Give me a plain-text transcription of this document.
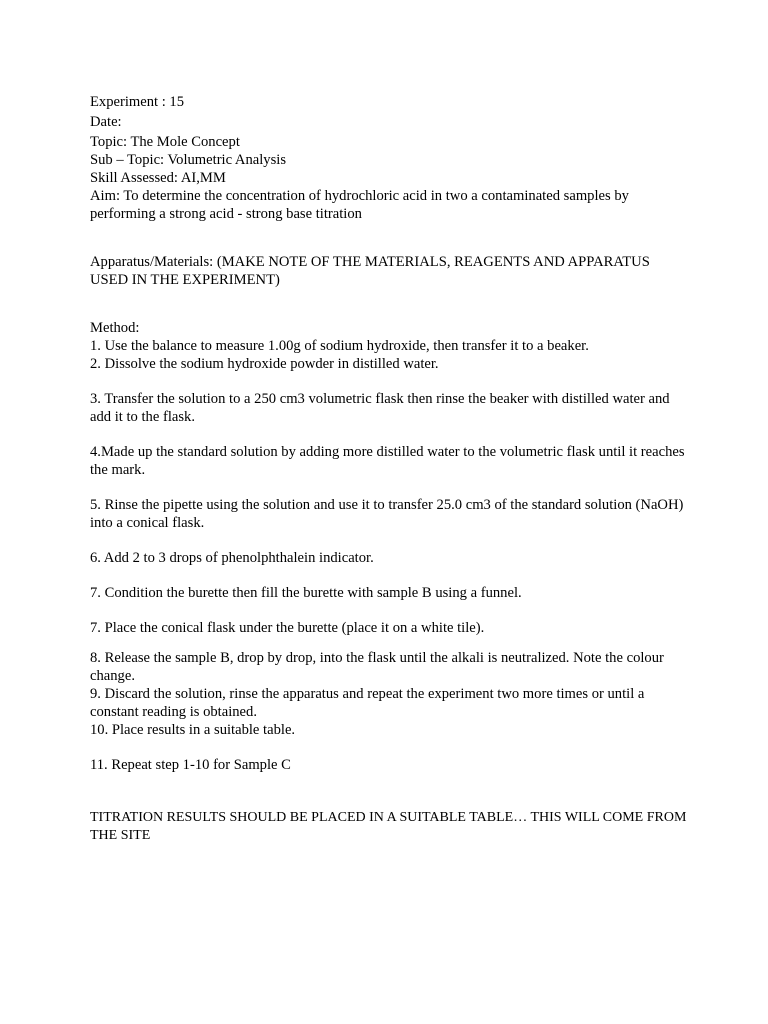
Experiment : 15
Date:
Topic: The Mole Concept
Sub – Topic: Volumetric Analysis
Skill Assessed: AI,MM
Aim: To determine the concentration of hydrochloric acid in two a contaminated samples by performing a strong acid - strong base titration
Apparatus/Materials: (MAKE NOTE OF THE MATERIALS, REAGENTS AND APPARATUS USED IN THE EXPERIMENT)
Method:
1. Use the balance to measure 1.00g of sodium hydroxide, then transfer it to a beaker.
2. Dissolve the sodium hydroxide powder in distilled water.
3. Transfer the solution to a 250 cm3 volumetric flask then rinse the beaker with distilled water and add it to the flask.
4.Made up the standard solution by adding more distilled water to the volumetric flask until it reaches the mark.
5. Rinse the pipette using the solution and use it to transfer 25.0 cm3 of the standard solution (NaOH) into a conical flask.
6. Add 2 to 3 drops of phenolphthalein indicator.
7. Condition the burette then fill the burette with sample B using a funnel.
7. Place the conical flask under the burette (place it on a white tile).
8. Release the sample B, drop by drop, into the flask until the alkali is neutralized. Note the colour change.
9. Discard the solution, rinse the apparatus and repeat the experiment two more times or until a constant reading is obtained.
10. Place results in a suitable table.
11. Repeat step 1-10 for Sample C
TITRATION RESULTS SHOULD BE PLACED IN A SUITABLE TABLE… THIS WILL COME FROM THE SITE
